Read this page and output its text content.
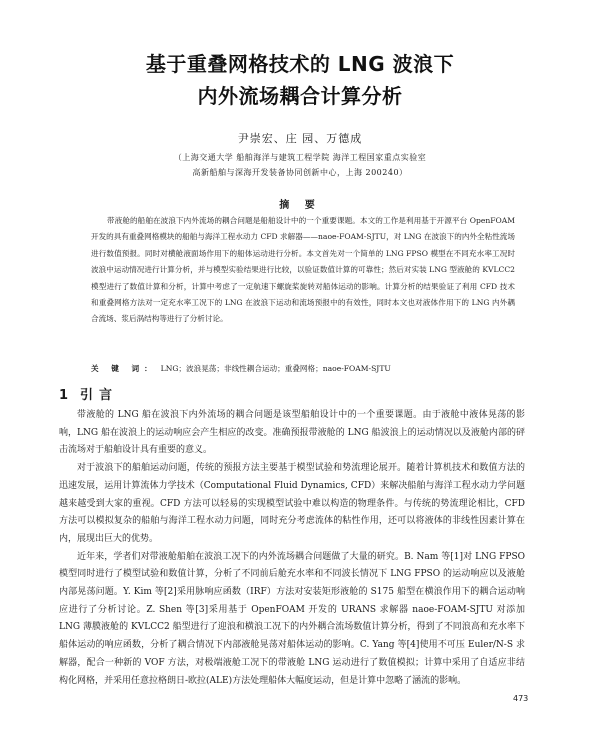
基于重叠网格技术的 LNG 波浪下
内外流场耦合计算分析
尹崇宏、庄 园、万德成
（上海交通大学 船舶海洋与建筑工程学院 海洋工程国家重点实验室
高新船舶与深海开发装备协同创新中心，上海 200240）
摘 要
带液舱的船舶在波浪下内外流场的耦合问题是船舶设计中的一个重要课题。本文的工作是利用基于开源平台 OpenFOAM 开发的具有重叠网格模块的船舶与海洋工程水动力 CFD 求解器——naoe-FOAM-SJTU，对 LNG 在波浪下的内外全粘性流场进行数值预报。同时对横舱液面场作用下的船体运动进行分析。本文首先对一个简单的 LNG FPSO 模型在不同充水率工况时波浪中运动情况进行计算分析，并与模型实验结果进行比较，以验证数值计算的可靠性；然后对实装 LNG 型液舱的 KVLCC2 模型进行了数值计算和分析，计算中考虑了一定航速下螺旋桨旋转对船体运动的影响。计算分析的结果验证了利用 CFD 技术和重叠网格方法对一定充水率工况下的 LNG 在波浪下运动和流场预报中的有效性，同时本文也对液体作用下的 LNG 内外耦合流场、浆后涡结构等进行了分析讨论。
关 键 词： LNG；波浪晃荡；非线性耦合运动；重叠网格；naoe-FOAM-SJTU
1 引言

带液舱的 LNG 船在波浪下内外流场的耦合问题是该型船舶设计中的一个重要课题。由于液舱中液体晃荡的影响，LNG 船在波浪上的运动响应会产生相应的改变。准确预报带液舱的 LNG 船波浪上的运动情况以及液舱内部的砰击流场对于船舶设计具有重要的意义。

对于波浪下的船舶运动问题，传统的预报方法主要基于模型试验和势流理论展开。随着计算机技术和数值方法的迅速发展，运用计算流体力学技术（Computational Fluid Dynamics, CFD）来解决船舶与海洋工程水动力学问题越来越受到大家的重视。CFD 方法可以轻易的实现模型试验中难以构造的物理条件。与传统的势流理论相比，CFD 方法可以模拟复杂的船舶与海洋工程水动力问题，同时充分考虑流体的粘性作用，还可以将液体的非线性因素计算在内，展现出巨大的优势。

近年来，学者们对带液舱船舶在波浪工况下的内外流场耦合问题做了大量的研究。B. Nam 等[1]对 LNG FPSO 模型同时进行了模型试验和数值计算，分析了不同前后舱充水率和不同波长情况下 LNG FPSO 的运动响应以及液舱内部晃荡问题。Y. Kim 等[2]采用脉响应函数（IRF）方法对安装矩形液舱的 S175 船型在横浪作用下的耦合运动响应进行了分析讨论。Z. Shen 等[3]采用基于 OpenFOAM 开发的 URANS 求解器 naoe-FOAM-SJTU 对添加 LNG 薄膜液舱的 KVLCC2 船型进行了迎浪和横浪工况下的内外耦合流场数值计算分析，得到了不同浪高和充水率下船体运动的响应函数，分析了耦合情况下内部液舱晃荡对船体运动的影响。C. Yang 等[4]使用不可压 Euler/N-S 求解器，配合一种新的 VOF 方法，对极端液舱工况下的带液舱 LNG 运动进行了数值模拟；计算中采用了自适应非结构化网格，并采用任意拉格朗日-欧拉(ALE)方法处理船体大幅度运动，但是计算中忽略了涵流的影响。

473
